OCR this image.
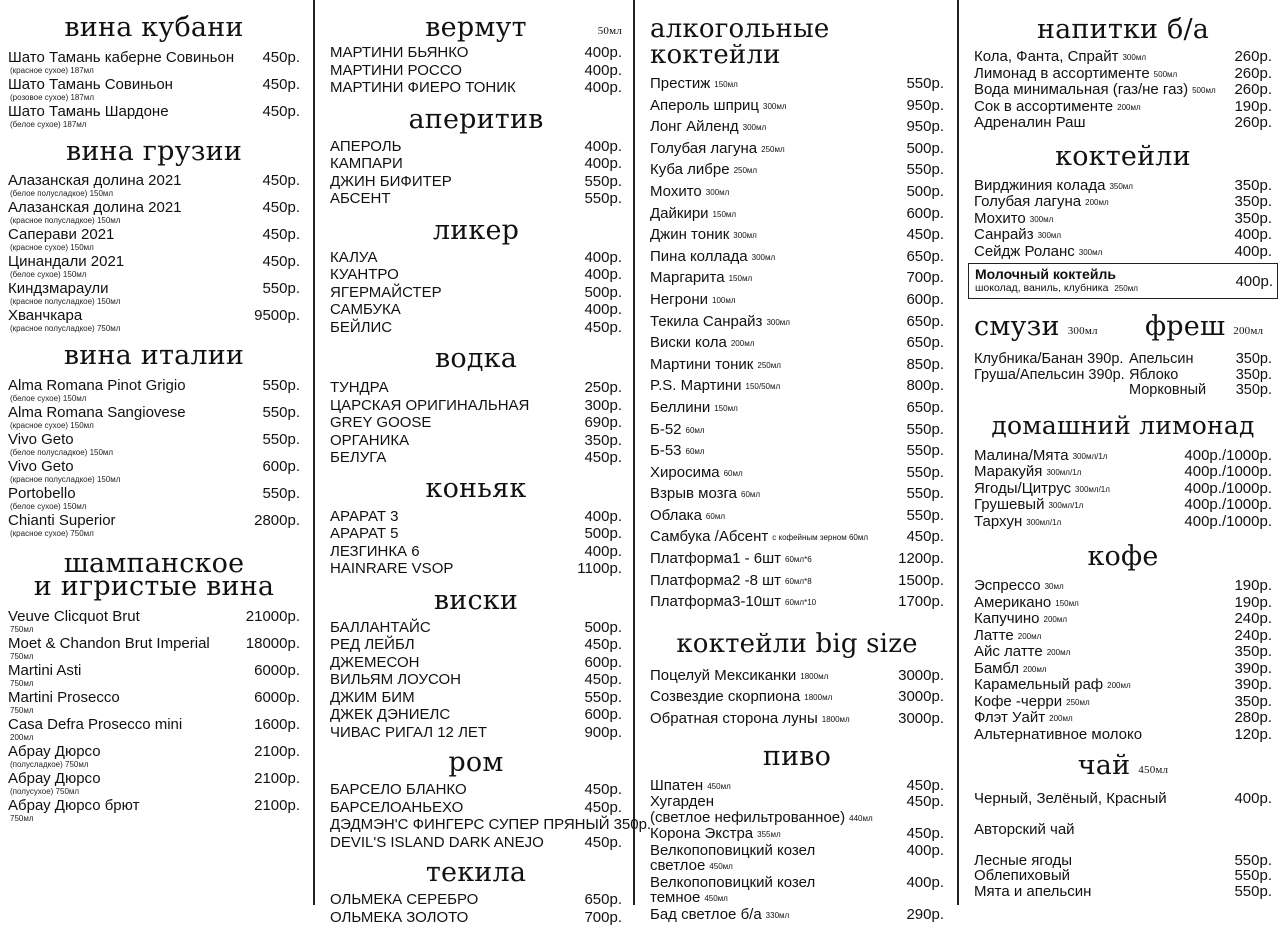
вина кубани
Шато Тамань каберне Совиньон 450р.
(красное сухое) 187мл
Шато Тамань Совиньон	450р.
(розовое сухое) 187мл
Шато Тамань Шардоне	450р.
(белое сухое) 187мл
вина грузии
Алазанская долина 2021	450р.
(белое полусладкое) 150мл
Алазанская долина 2021	450р.
(красное полусладкое) 150мл
Саперави 2021	450р.
(красное сухое) 150мл
Цинандали 2021	450р.
(белое сухое) 150мл
Киндзмараули	550р.
(красное полусладкое) 150мл
Хванчкара	9500р.
(красное полусладкое) 750мл
вина италии
Alma Romana Pinot Grigio	550р.
(белое сухое) 150мл
Alma Romana Sangiovese	550р.
(красное сухое) 150мл
Vivo Geto	550р.
(белое полусладкое) 150мл
Vivo Geto	600р.
(красное полусладкое) 150мл
Portobello	550р.
(белое сухое) 150мл
Chianti Superior	2800р.
(красное сухое) 750мл
шампанское
и игристые вина
Veuve Clicquot Brut	21000р.
750мл
Moet & Chandon Brut Imperial 18000р.
750мл
Martini Asti	6000р.
750мл
Martini Prosecco	6000р.
750мл
Casa Defra Prosecco mini	1600р.
200мл
Абрау Дюрсо	2100р.
(полусладкое) 750мл
Абрау Дюрсо	2100р.
(полусухое) 750мл
Абрау Дюрсо брют	2100р.
750мл
вермут	50мл
МАРТИНИ БЬЯНКО	400р.
МАРТИНИ РОССО	400р.
МАРТИНИ ФИЕРО ТОНИК	400р.
аперитив
АПЕРОЛЬ	400р.
КАМПАРИ	400р.
ДЖИН БИФИТЕР	550р.
АБСЕНТ	550р.
ликер
КАЛУА	400р.
КУАНТРО	400р.
ЯГЕРМАЙСТЕР	500р.
САМБУКА	400р.
БЕЙЛИС	450р.
водка
ТУНДРА	250р.
ЦАРСКАЯ ОРИГИНАЛЬНАЯ	300р.
GREY GOOSE	690р.
ОРГАНИКА	350р.
БЕЛУГА	450р.
коньяк
АРАРАТ 3	400р.
АРАРАТ 5	500р.
ЛЕЗГИНКА 6	400р.
HAINRARE VSOP	1100р.
виски
БАЛЛАНТАЙС	500р.
РЕД ЛЕЙБЛ	450р.
ДЖЕМЕСОН	600р.
ВИЛЬЯМ ЛОУСОН	450р.
ДЖИМ БИМ	550р.
ДЖЕК ДЭНИЕЛС	600р.
ЧИВАС РИГАЛ 12 ЛЕТ	900р.
ром
БАРСЕЛО БЛАНКО	450р.
БАРСЕЛОАНЬЕХО	450р.
ДЭДМЭН'С ФИНГЕРС СУПЕР ПРЯНЫЙ 350р.
DEVIL'S ISLAND DARK ANEJO	450р.
текила
ОЛЬМЕКА СЕРЕБРО	650р.
ОЛЬМЕКА ЗОЛОТО	700р.
алкогольные коктейли
Престиж 150мл	550р.
Апероль шприц 300мл	950р.
Лонг Айленд 300мл	950р.
Голубая лагуна 250мл	500р.
Куба либре 250мл	550р.
Мохито 300мл	500р.
Дайкири 150мл	600р.
Джин тоник 300мл	450р.
Пина коллада 300мл	650р.
Маргарита 150мл	700р.
Негрони 100мл	600р.
Текила Санрайз 300мл	650р.
Виски кола 200мл	650р.
Мартини тоник 250мл	850р.
P.S. Мартини 150/50мл	800р.
Беллини 150мл	650р.
Б-52 60мл	550р.
Б-53 60мл	550р.
Хиросима 60мл	550р.
Взрыв мозга 60мл	550р.
Облака 60мл	550р.
Самбука /Абсент с кофейным зерном 60мл	450р.
Платформа1 - 6шт 60мл*6	1200р.
Платформа2 -8 шт 60мл*8	1500р.
Платформа3-10шт 60мл*10	1700р.
коктейли big size
Поцелуй Мексиканки 1800мл	3000р.
Созвездие скорпиона 1800мл	3000р.
Обратная сторона луны 1800мл	3000р.
пиво
Шпатен 450мл	450р.
Хугарден	450р.
(светлое нефильтрованное) 440мл
Корона Экстра 355мл	450р.
Велкопоповицкий козел	400р.
светлое 450мл
Велкопоповицкий козел	400р.
темное 450мл
Бад светлое б/а 330мл	290р.
напитки б/а
Кола, Фанта, Спрайт 300мл	260р.
Лимонад в ассортименте 500мл	260р.
Вода минимальная (газ/не газ) 500мл 260р.
Сок в ассортименте 200мл	190р.
Адреналин Раш	260р.
коктейли
Вирджиния колада 350мл	350р.
Голубая лагуна 200мл	350р.
Мохито 300мл	350р.
Санрайз 300мл	400р.
Сейдж Роланс 300мл	400р.
Молочный коктейль
шоколад, ваниль, клубника 250мл	400р.
смузи 300мл
Клубника/Банан 390р.
Груша/Апельсин 390р.
фреш 200мл
Апельсин	350р.
Яблоко	350р.
Морковный 350р.
домашний лимонад
Малина/Мята 300мл/1л	400р./1000р.
Маракуйя 300мл/1л	400р./1000р.
Ягоды/Цитрус 300мл/1л	400р./1000р.
Грушевый 300мл/1л	400р./1000р.
Тархун 300мл/1л	400р./1000р.
кофе
Эспрессо 30мл	190р.
Американо 150мл	190р.
Капучино 200мл	240р.
Латте 200мл	240р.
Айс латте 200мл	350р.
Бамбл 200мл	390р.
Карамельный раф 200мл	390р.
Кофе -черри 250мл	350р.
Флэт Уайт 200мл	280р.
Альтернативное молоко	120р.
чай 450мл
Черный, Зелёный, Красный	400р.
Авторский чай
Лесные ягоды	550р.
Облепиховый	550р.
Мята и апельсин	550р.
